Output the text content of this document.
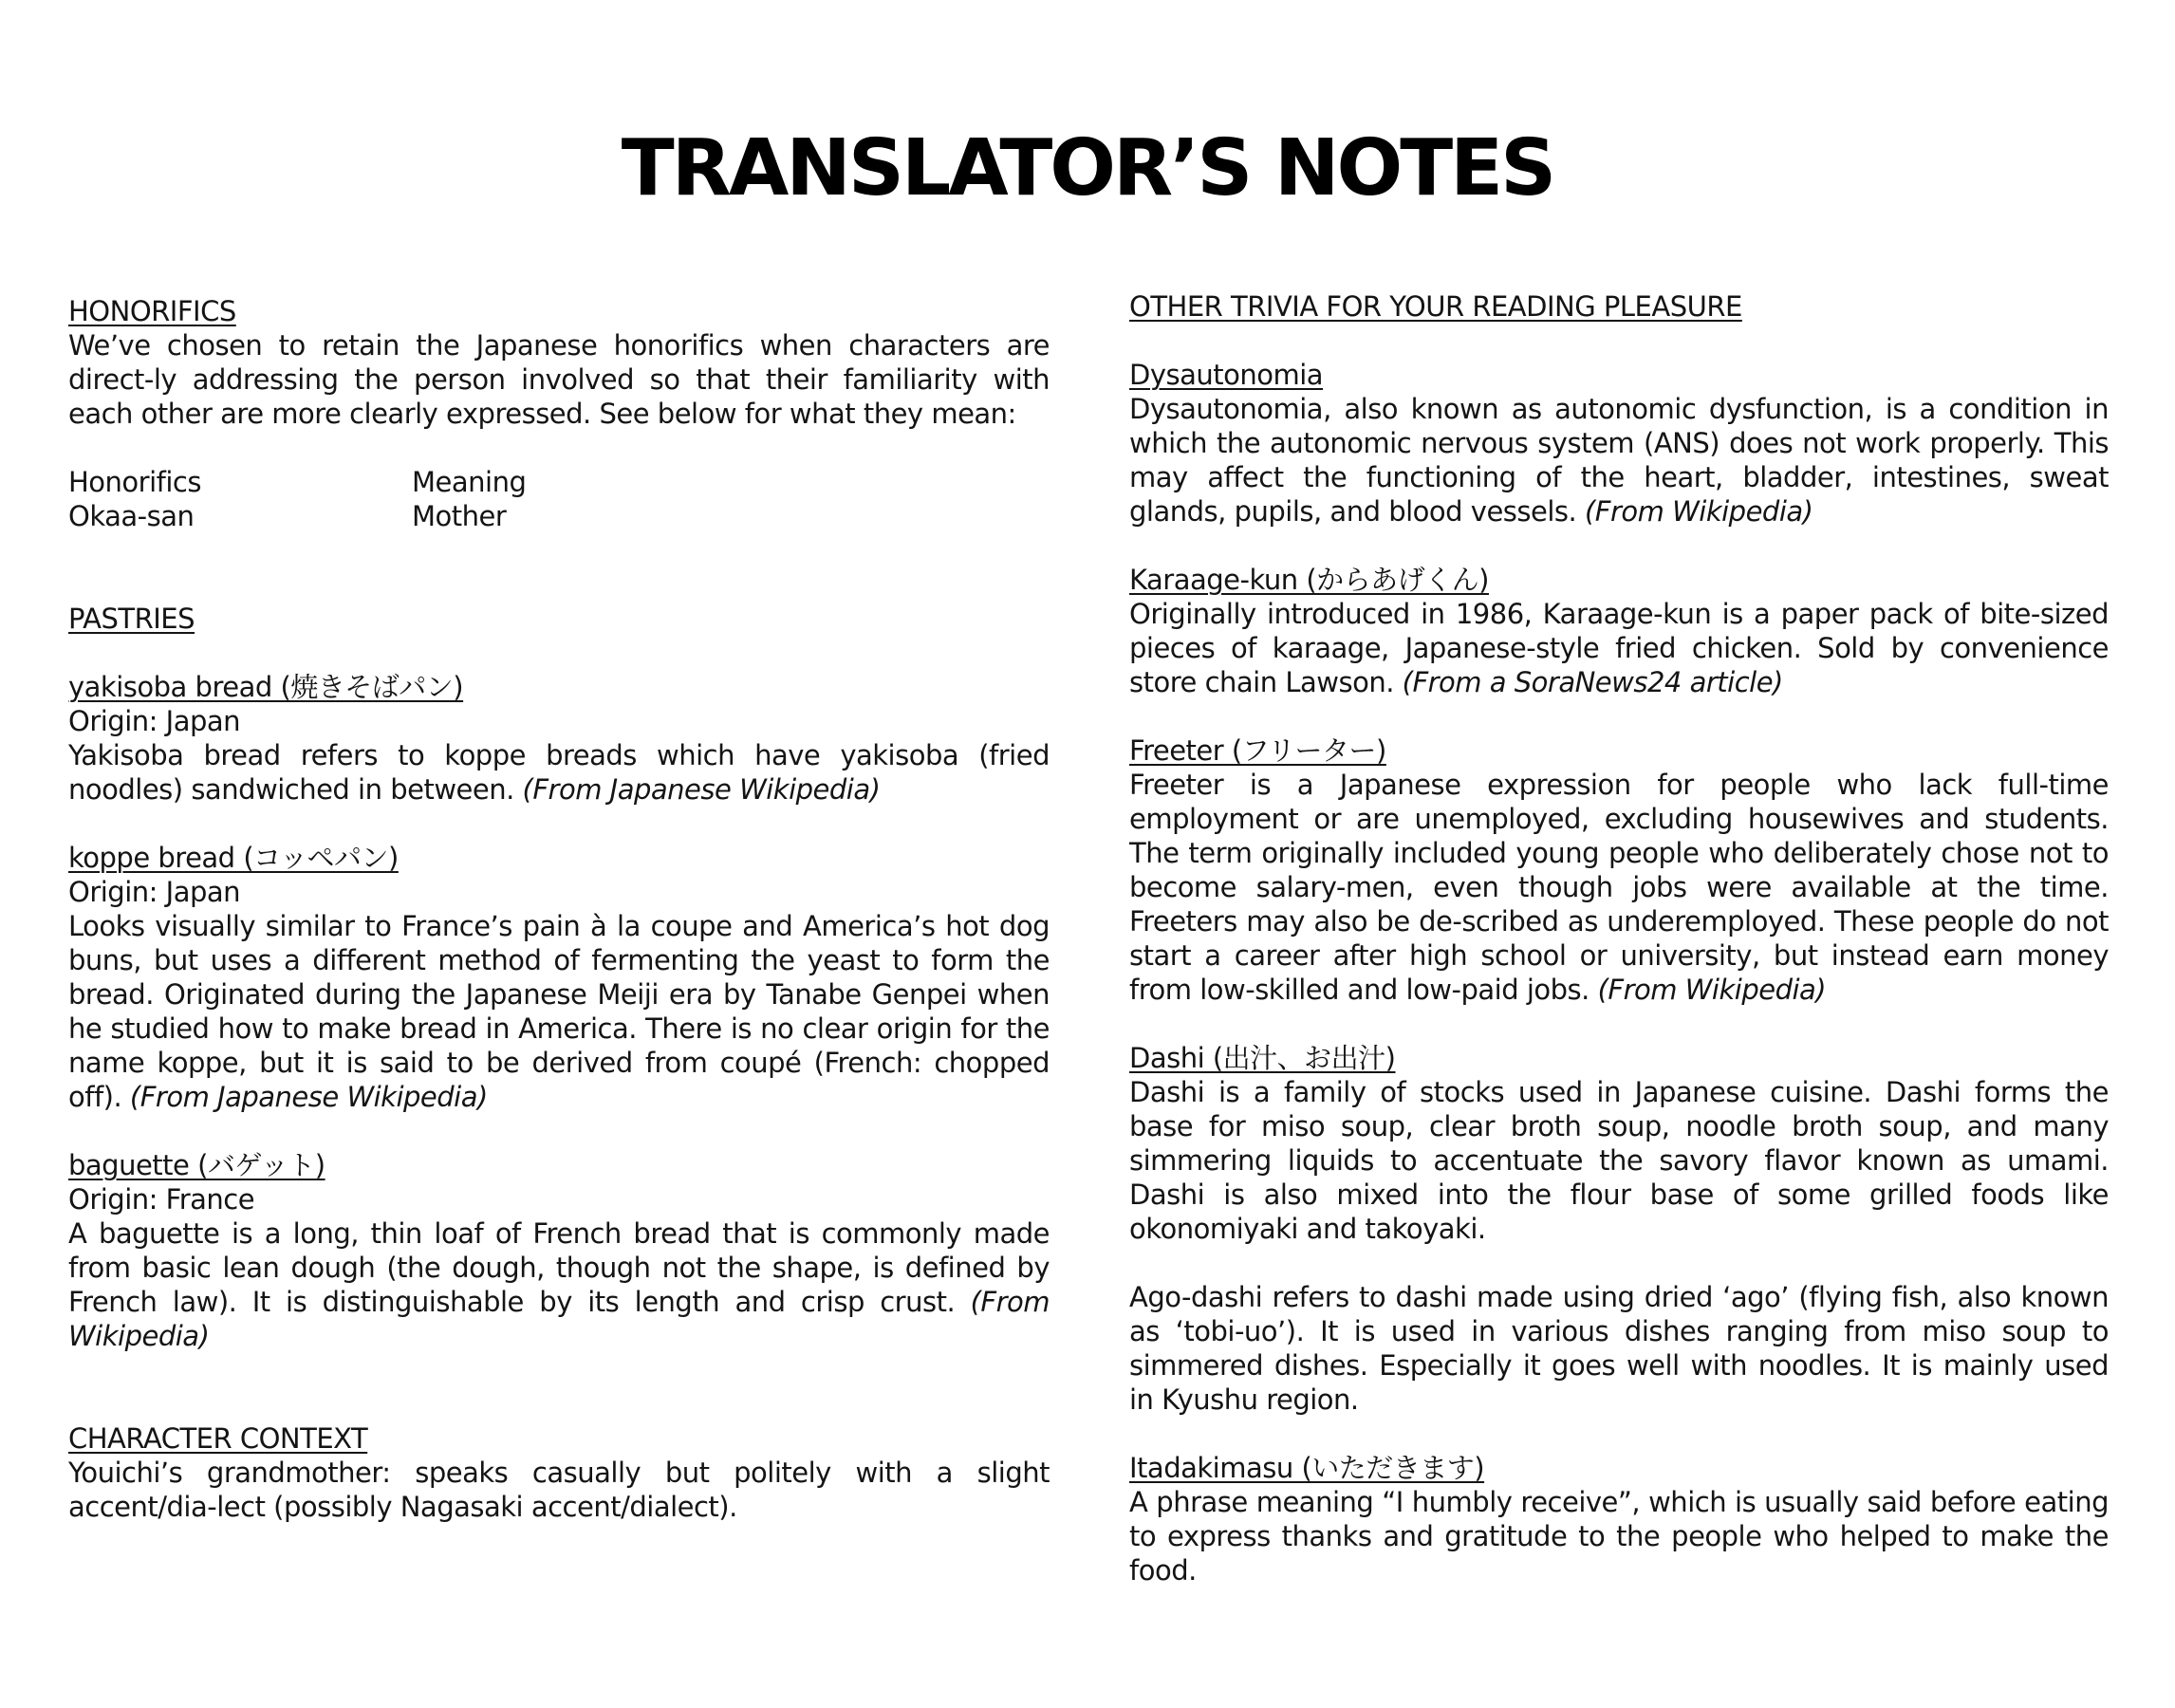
TRANSLATOR’S NOTES

HONORIFICS

We’ve chosen to retain the Japanese honorifics when characters are direct-ly addressing the person involved so that their familiarity with each other are more clearly expressed. See below for what they mean:

Honorifics	Meaning
Okaa-san	Mother

PASTRIES

yakisoba bread (焼きそばパン)

Origin: Japan

Yakisoba bread refers to koppe breads which have yakisoba (fried noodles) sandwiched in between. (From Japanese Wikipedia)

koppe bread (コッペパン)

Origin: Japan

Looks visually similar to France’s pain à la coupe and America’s hot dog buns, but uses a different method of fermenting the yeast to form the bread. Originated during the Japanese Meiji era by Tanabe Genpei when he studied how to make bread in America. There is no clear origin for the name koppe, but it is said to be derived from coupé (French: chopped off). (From Japanese Wikipedia)

baguette (バゲット)

Origin: France

A baguette is a long, thin loaf of French bread that is commonly made from basic lean dough (the dough, though not the shape, is defined by French law). It is distinguishable by its length and crisp crust. (From Wikipedia)

CHARACTER CONTEXT

Youichi’s grandmother: speaks casually but politely with a slight accent/dia-lect (possibly Nagasaki accent/dialect).

OTHER TRIVIA FOR YOUR READING PLEASURE

Dysautonomia

Dysautonomia, also known as autonomic dysfunction, is a condition in which the autonomic nervous system (ANS) does not work properly. This may affect the functioning of the heart, bladder, intestines, sweat glands, pupils, and blood vessels. (From Wikipedia)

Karaage-kun (からあげくん)

Originally introduced in 1986, Karaage-kun is a paper pack of bite-sized pieces of karaage, Japanese-style fried chicken. Sold by convenience store chain Lawson. (From a SoraNews24 article)

Freeter (フリーター)

Freeter is a Japanese expression for people who lack full-time employment or are unemployed, excluding housewives and students. The term originally included young people who deliberately chose not to become salary-men, even though jobs were available at the time. Freeters may also be de-scribed as underemployed. These people do not start a career after high school or university, but instead earn money from low-skilled and low-paid jobs. (From Wikipedia)

Dashi (出汁、お出汁)

Dashi is a family of stocks used in Japanese cuisine. Dashi forms the base for miso soup, clear broth soup, noodle broth soup, and many simmering liquids to accentuate the savory flavor known as umami. Dashi is also mixed into the flour base of some grilled foods like okonomiyaki and takoyaki.

Ago-dashi refers to dashi made using dried ‘ago’ (flying fish, also known as ‘tobi-uo’). It is used in various dishes ranging from miso soup to simmered dishes. Especially it goes well with noodles. It is mainly used in Kyushu region.

Itadakimasu (いただきます)

A phrase meaning “I humbly receive”, which is usually said before eating to express thanks and gratitude to the people who helped to make the food.
